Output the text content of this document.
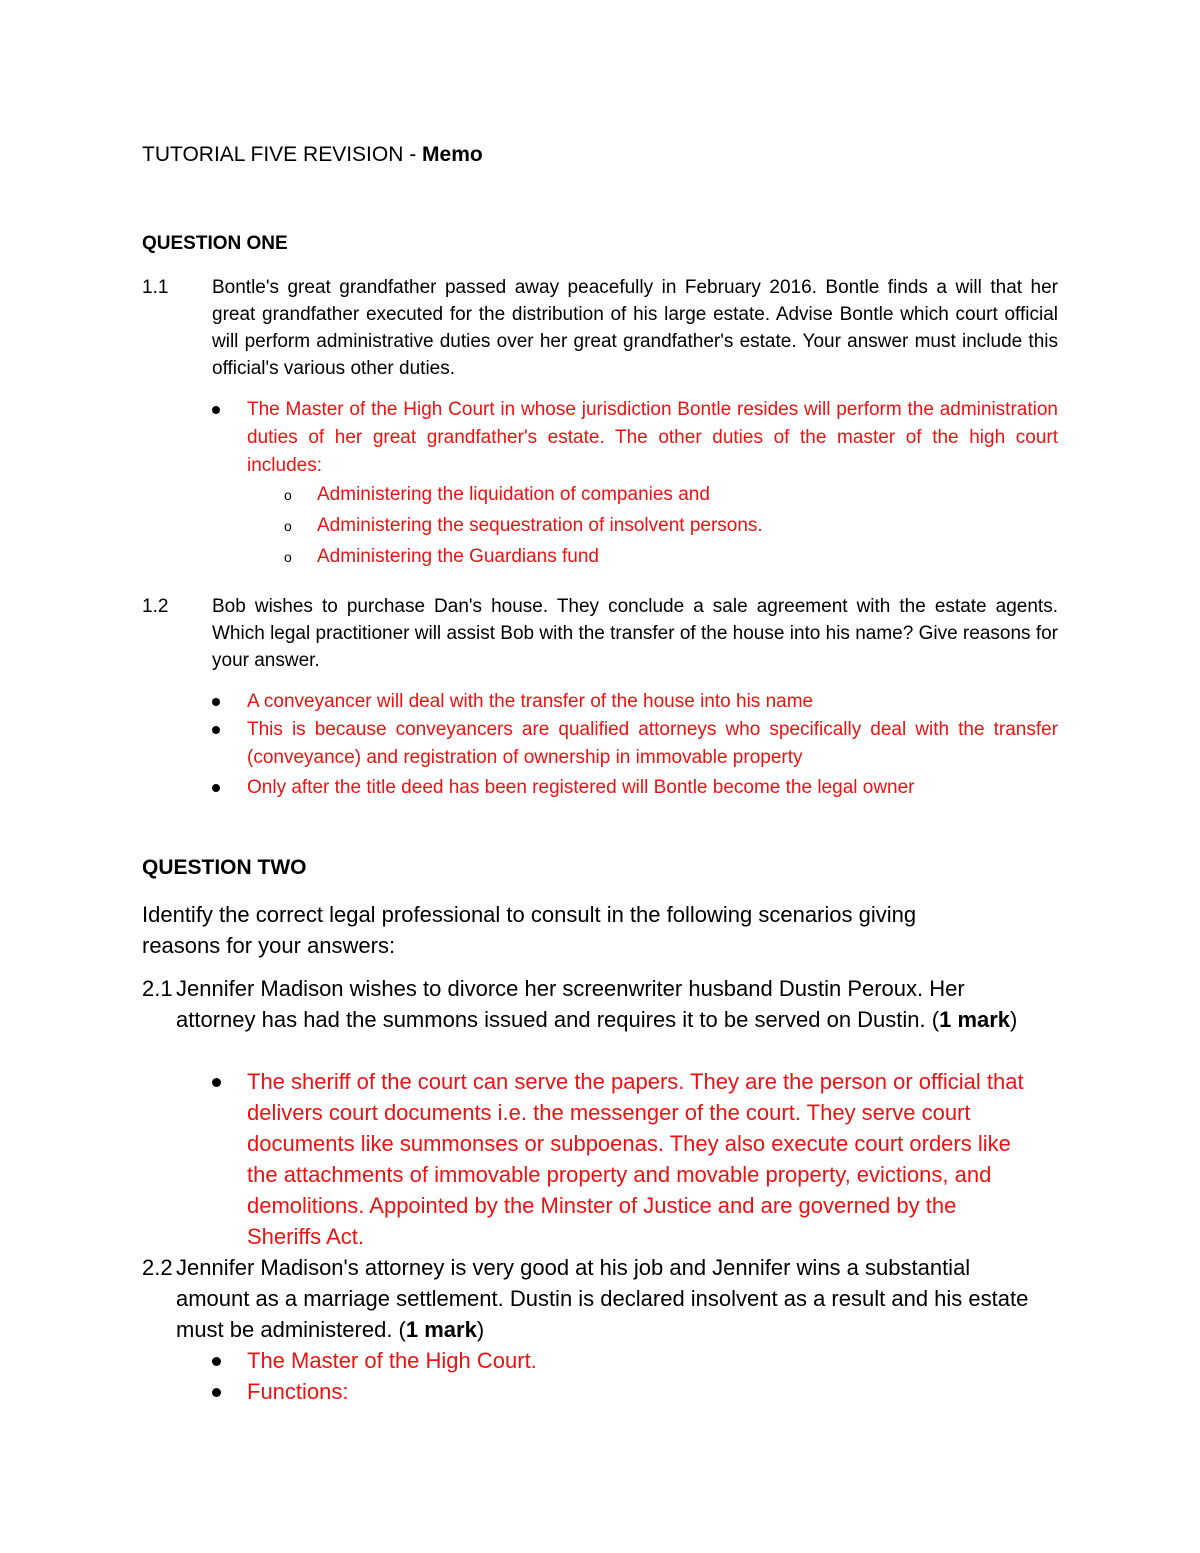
TUTORIAL FIVE REVISION - Memo
QUESTION ONE
1.1 Bontle's great grandfather passed away peacefully in February 2016. Bontle finds a will that her great grandfather executed for the distribution of his large estate. Advise Bontle which court official will perform administrative duties over her great grandfather's estate. Your answer must include this official's various other duties.
The Master of the High Court in whose jurisdiction Bontle resides will perform the administration duties of her great grandfather's estate. The other duties of the master of the high court includes:
o Administering the liquidation of companies and
o Administering the sequestration of insolvent persons.
o Administering the Guardians fund
1.2 Bob wishes to purchase Dan's house. They conclude a sale agreement with the estate agents. Which legal practitioner will assist Bob with the transfer of the house into his name? Give reasons for your answer.
A conveyancer will deal with the transfer of the house into his name
This is because conveyancers are qualified attorneys who specifically deal with the transfer (conveyance) and registration of ownership in immovable property
Only after the title deed has been registered will Bontle become the legal owner
QUESTION TWO
Identify the correct legal professional to consult in the following scenarios giving reasons for your answers:
2.1 Jennifer Madison wishes to divorce her screenwriter husband Dustin Peroux. Her attorney has had the summons issued and requires it to be served on Dustin. (1 mark)
The sheriff of the court can serve the papers. They are the person or official that delivers court documents i.e. the messenger of the court. They serve court documents like summonses or subpoenas. They also execute court orders like the attachments of immovable property and movable property, evictions, and demolitions. Appointed by the Minster of Justice and are governed by the Sheriffs Act.
2.2 Jennifer Madison's attorney is very good at his job and Jennifer wins a substantial amount as a marriage settlement. Dustin is declared insolvent as a result and his estate must be administered. (1 mark)
The Master of the High Court.
Functions:
